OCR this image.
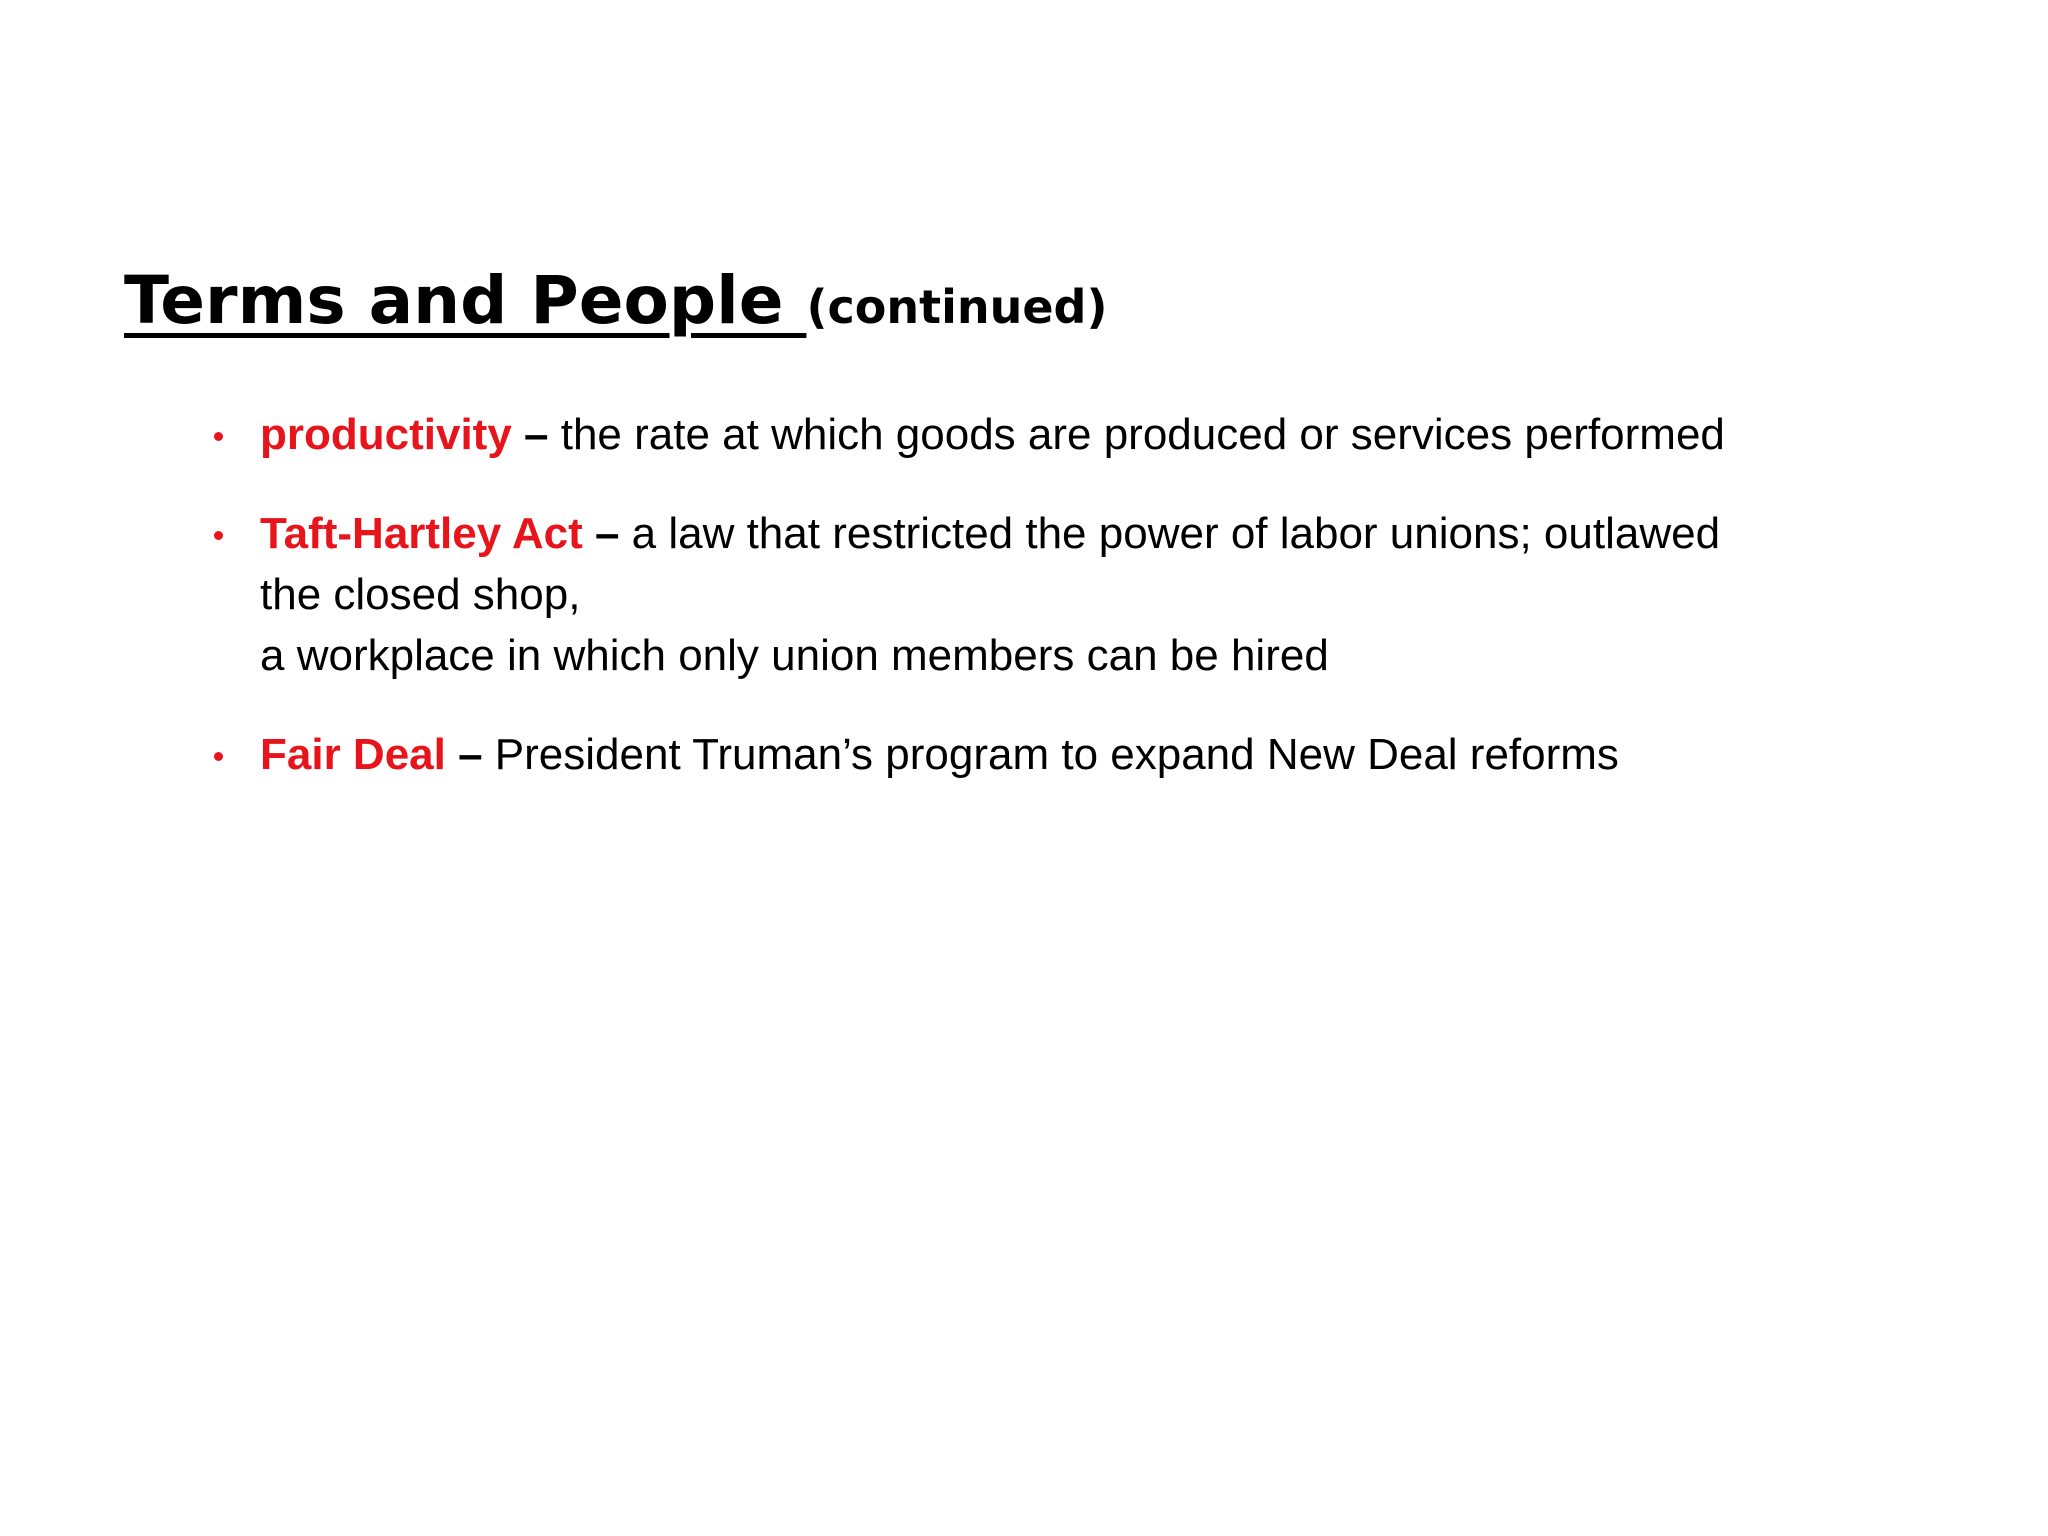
Terms and People (continued)
productivity – the rate at which goods are produced or services performed
Taft-Hartley Act – a law that restricted the power of labor unions; outlawed
the closed shop,
a workplace in which only union members can be hired
Fair Deal – President Truman’s program to expand New Deal reforms
